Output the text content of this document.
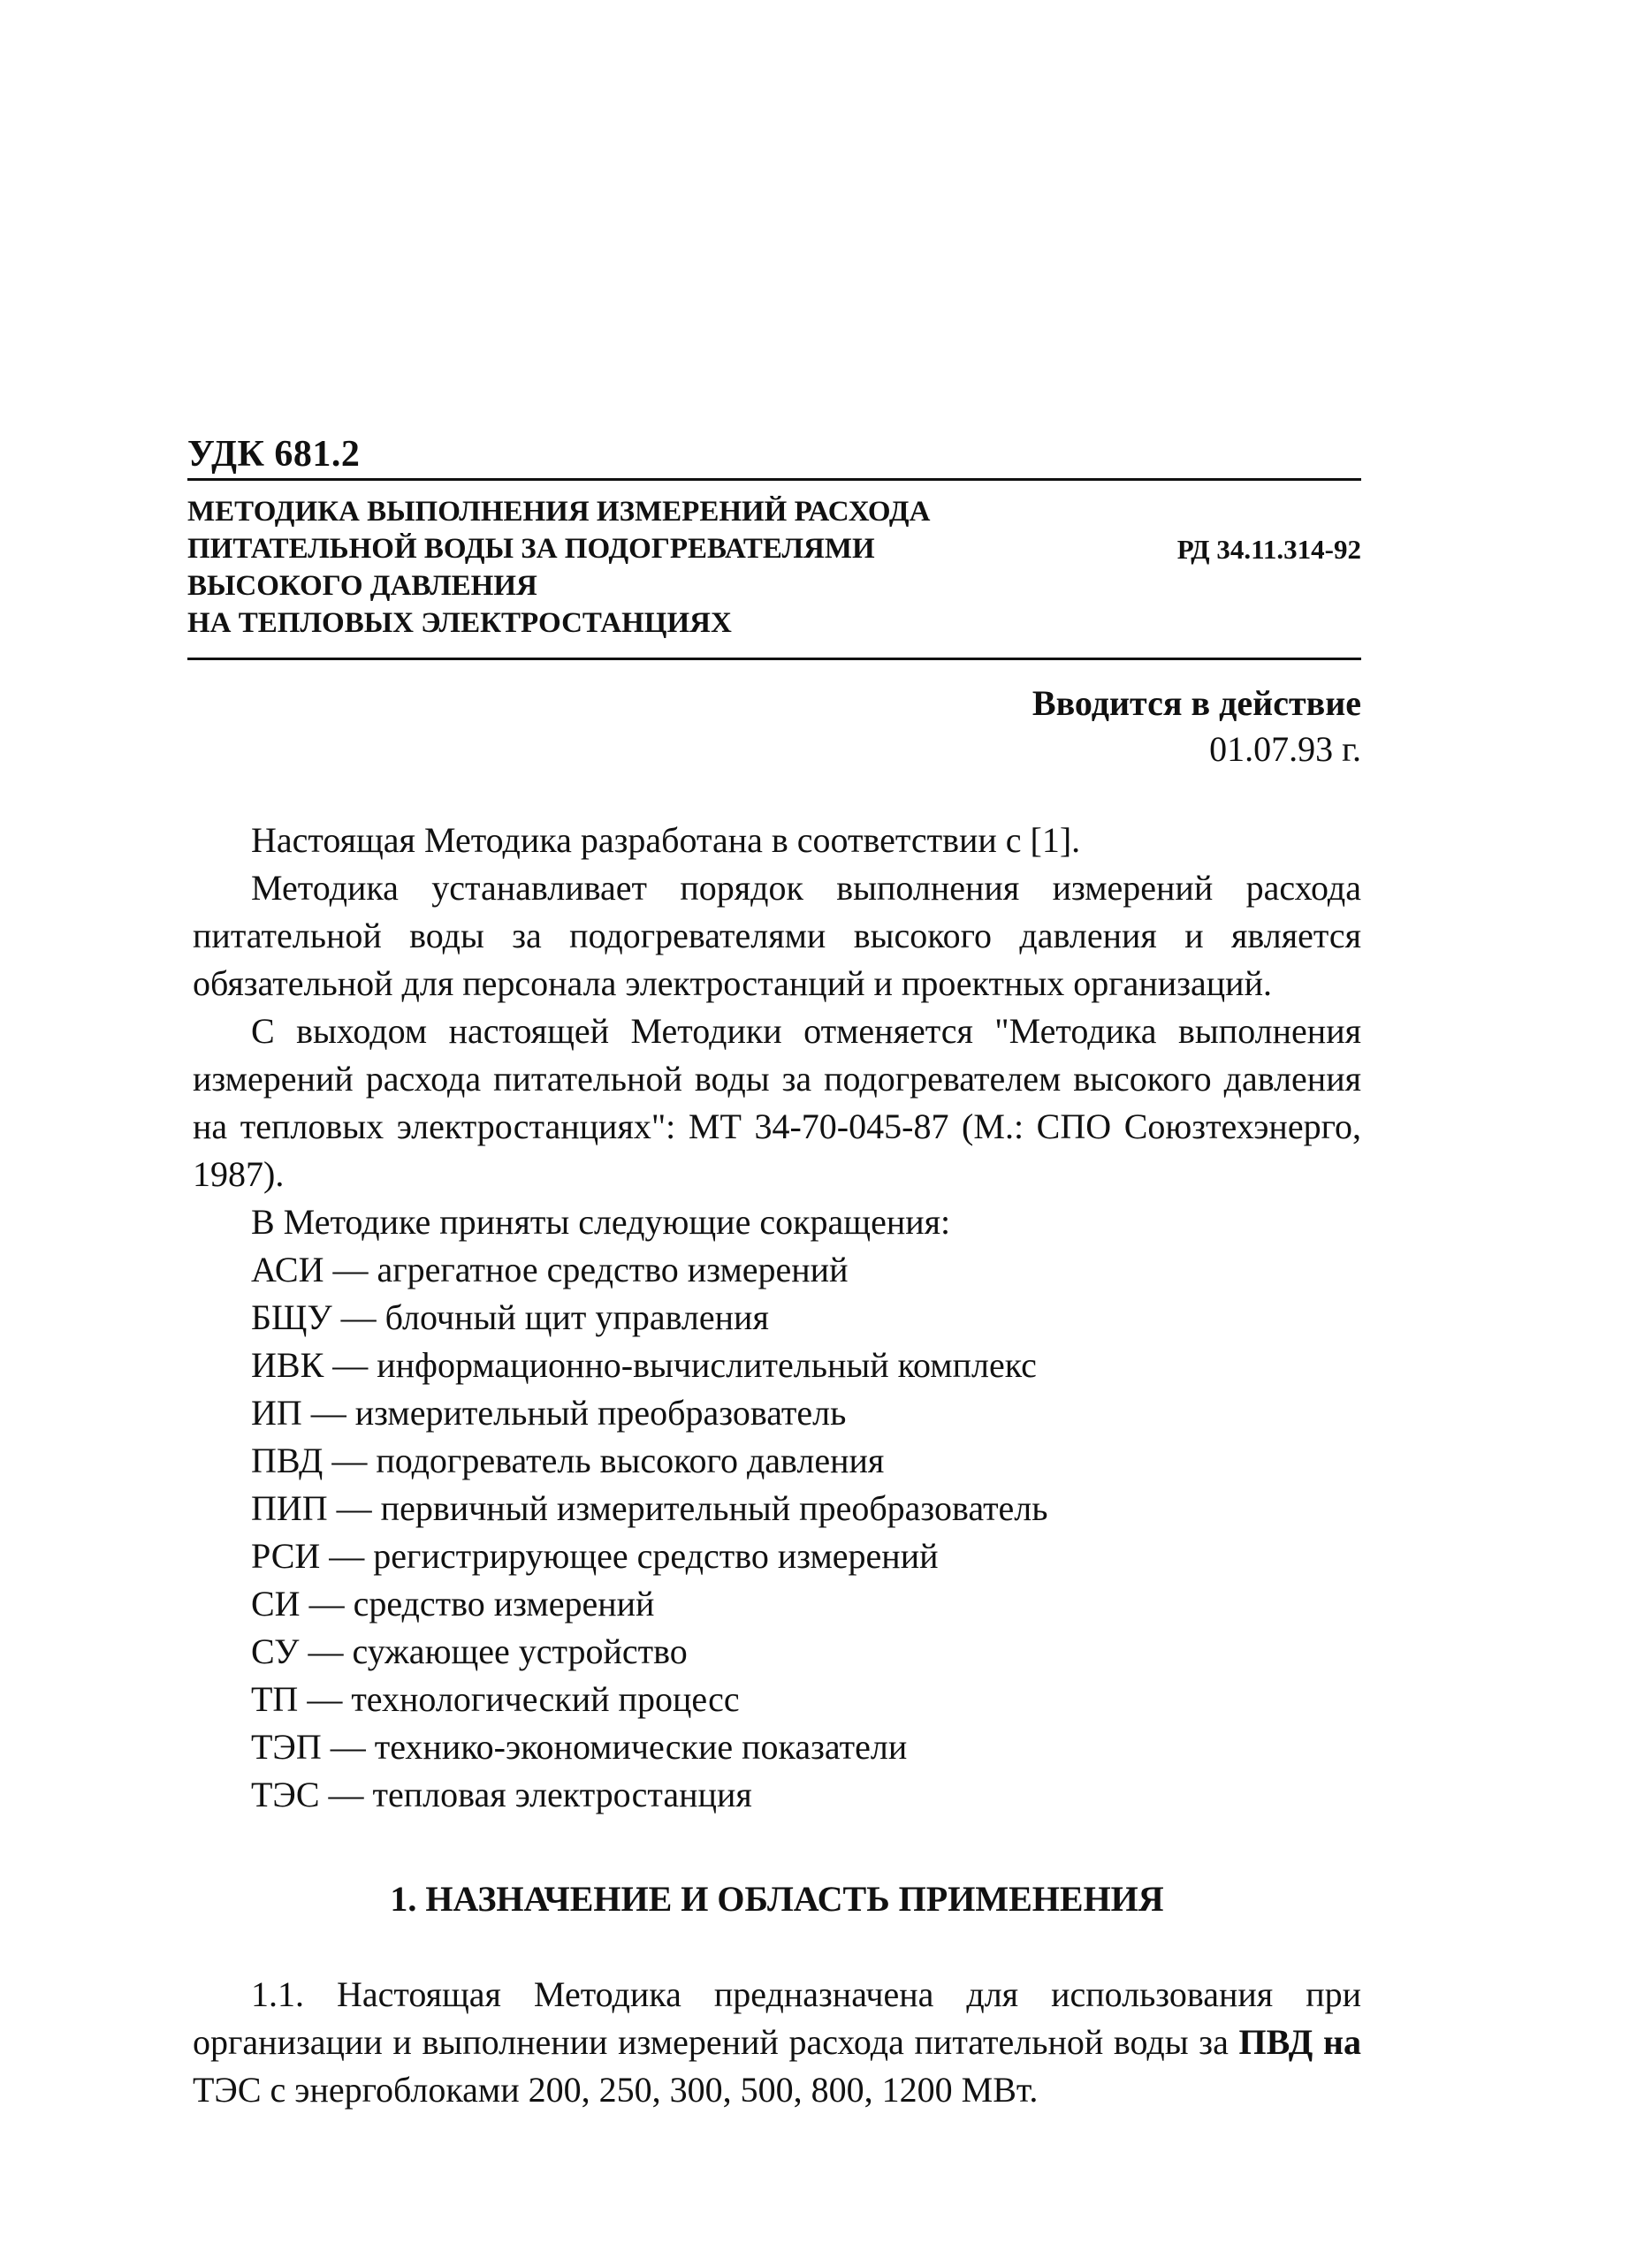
УДК 681.2
МЕТОДИКА ВЫПОЛНЕНИЯ ИЗМЕРЕНИЙ РАСХОДА
ПИТАТЕЛЬНОЙ ВОДЫ ЗА ПОДОГРЕВАТЕЛЯМИ
ВЫСОКОГО ДАВЛЕНИЯ
НА ТЕПЛОВЫХ ЭЛЕКТРОСТАНЦИЯХ
РД 34.11.314-92
Вводится в действие
01.07.93 г.

Настоящая Методика разработана в соответствии с [1].

Методика устанавливает порядок выполнения измерений расхода питательной воды за подогревателями высокого давления и является обязательной для персонала электростанций и проектных организаций.

С выходом настоящей Методики отменяется "Методика выполнения измерений расхода питательной воды за подогревателем высокого давления на тепловых электростанциях": МТ 34-70-045-87 (М.: СПО Союзтехэнерго, 1987).

В Методике приняты следующие сокращения:
АСИ — агрегатное средство измерений
БЩУ — блочный щит управления
ИВК — информационно-вычислительный комплекс
ИП — измерительный преобразователь
ПВД — подогреватель высокого давления
ПИП — первичный измерительный преобразователь
РСИ — регистрирующее средство измерений
СИ — средство измерений
СУ — сужающее устройство
ТП — технологический процесс
ТЭП — технико-экономические показатели
ТЭС — тепловая электростанция
1. НАЗНАЧЕНИЕ И ОБЛАСТЬ ПРИМЕНЕНИЯ

1.1. Настоящая Методика предназначена для использования при организации и выполнении измерений расхода питательной воды за ПВД на ТЭС с энергоблоками 200, 250, 300, 500, 800, 1200 МВт.
